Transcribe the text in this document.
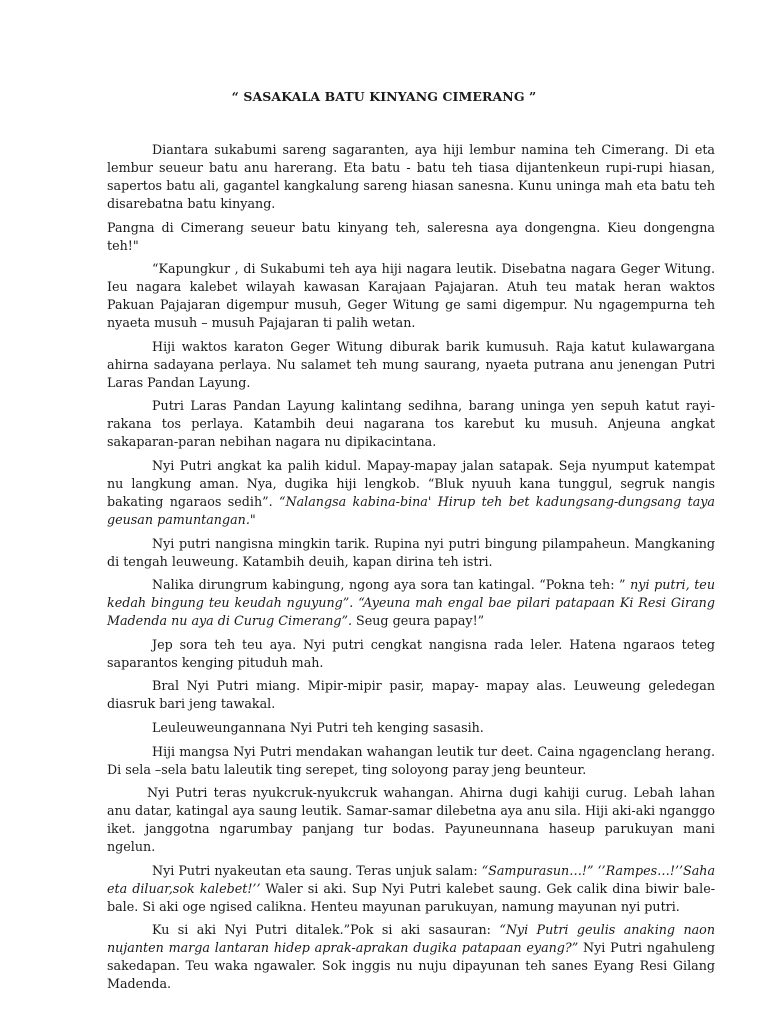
“ SASAKALA BATU KINYANG CIMERANG ”

Diantara sukabumi sareng sagaranten, aya hiji lembur namina teh Cimerang. Di eta lembur seueur batu anu harerang. Eta batu - batu teh tiasa dijantenkeun rupi-rupi hiasan, sapertos batu ali, gagantel kangkalung sareng hiasan sanesna. Kunu uninga mah eta batu teh disarebatna batu kinyang.

Pangna di Cimerang seueur batu kinyang teh, saleresna aya dongengna. Kieu dongengna teh!"

“Kapungkur , di Sukabumi teh aya hiji nagara leutik. Disebatna nagara Geger Witung. Ieu nagara kalebet wilayah kawasan Karajaan Pajajaran. Atuh teu matak heran waktos Pakuan Pajajaran digempur musuh, Geger Witung ge sami digempur. Nu ngagempurna teh nyaeta musuh – musuh Pajajaran ti palih wetan.

Hiji waktos karaton Geger Witung diburak barik kumusuh. Raja katut kulawargana ahirna sadayana perlaya. Nu salamet teh mung saurang, nyaeta putrana anu jenengan Putri Laras Pandan Layung.

Putri Laras Pandan Layung kalintang sedihna, barang uninga yen sepuh katut rayi-rakana tos perlaya. Katambih deui nagarana tos karebut ku musuh. Anjeuna angkat sakaparan-paran nebihan nagara nu dipikacintana.

Nyi Putri angkat ka palih kidul. Mapay-mapay jalan satapak. Seja nyumput katempat nu langkung aman. Nya, dugika hiji lengkob. “Bluk nyuuh kana tunggul, segruk nangis bakating ngaraos sedih”. “Nalangsa kabina-bina' Hirup teh bet kadungsang-dungsang taya geusan pamuntangan."

Nyi putri nangisna mingkin tarik. Rupina nyi putri bingung pilampaheun. Mangkaning di tengah leuweung. Katambih deuih, kapan dirina teh istri.

Nalika dirungrum kabingung, ngong aya sora tan katingal. “Pokna teh: ” nyi putri, teu kedah bingung teu keudah nguyung”. “Ayeuna mah engal bae pilari patapaan Ki Resi Girang Madenda nu aya di Curug Cimerang”. Seug geura papay!”

Jep sora teh teu aya. Nyi putri cengkat nangisna rada leler. Hatena ngaraos teteg saparantos kenging pituduh mah.

Bral Nyi Putri miang. Mipir-mipir pasir, mapay- mapay alas. Leuweung geledegan diasruk bari jeng tawakal.

Leuleuweungannana Nyi Putri teh kenging sasasih.

Hiji mangsa Nyi Putri mendakan wahangan leutik tur deet. Caina ngagenclang herang. Di sela –sela batu laleutik ting serepet, ting soloyong paray jeng beunteur.

Nyi Putri teras nyukcruk-nyukcruk wahangan. Ahirna dugi kahiji curug. Lebah lahan anu datar, katingal aya saung leutik. Samar-samar dilebetna aya anu sila. Hiji aki-aki nganggo iket. janggotna ngarumbay panjang tur bodas. Payuneunnana haseup parukuyan mani ngelun.

Nyi Putri nyakeutan eta saung. Teras unjuk salam: “Sampurasun…!” ‘’Rampes…!’’Saha eta diluar,sok kalebet!’’ Waler si aki. Sup Nyi Putri kalebet saung. Gek calik dina biwir bale-bale. Si aki oge ngised calikna. Henteu mayunan parukuyan, namung mayunan nyi putri.

Ku si aki Nyi Putri ditalek.”Pok si aki sasauran: “Nyi Putri geulis anaking naon nujanten marga lantaran hidep aprak-aprakan dugika patapaan eyang?” Nyi Putri ngahuleng sakedapan. Teu waka ngawaler. Sok inggis nu nuju dipayunan teh sanes Eyang Resi Gilang Madenda.
